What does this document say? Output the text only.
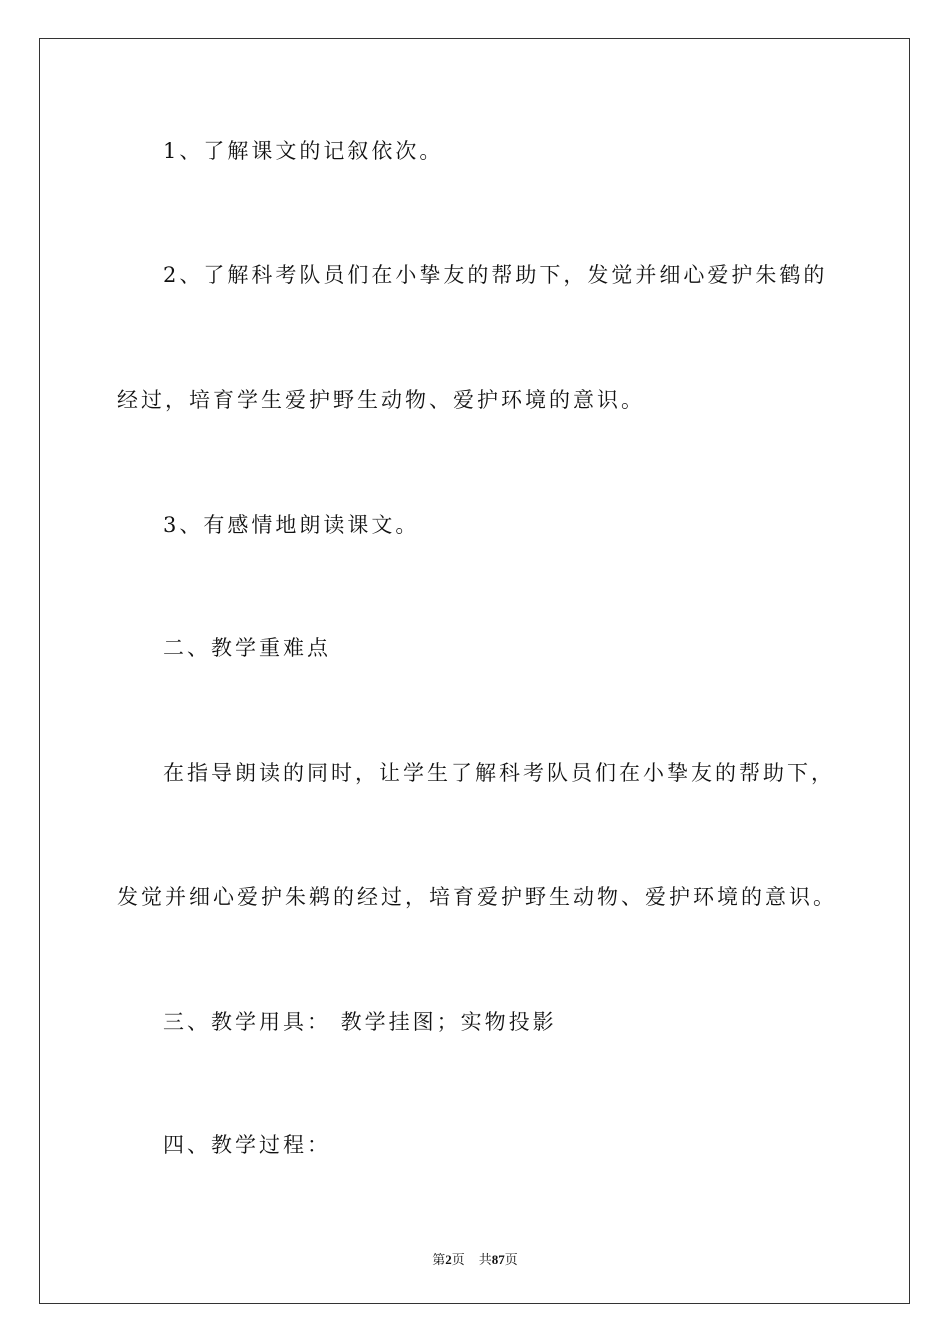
1、了解课文的记叙依次。
2、了解科考队员们在小挚友的帮助下，发觉并细心爱护朱鹤的
经过，培育学生爱护野生动物、爱护环境的意识。
3、有感情地朗读课文。
二、教学重难点
在指导朗读的同时，让学生了解科考队员们在小挚友的帮助下，
发觉并细心爱护朱鹈的经过，培育爱护野生动物、爱护环境的意识。
三、教学用具： 教学挂图；实物投影
四、教学过程：
第2页 共87页
